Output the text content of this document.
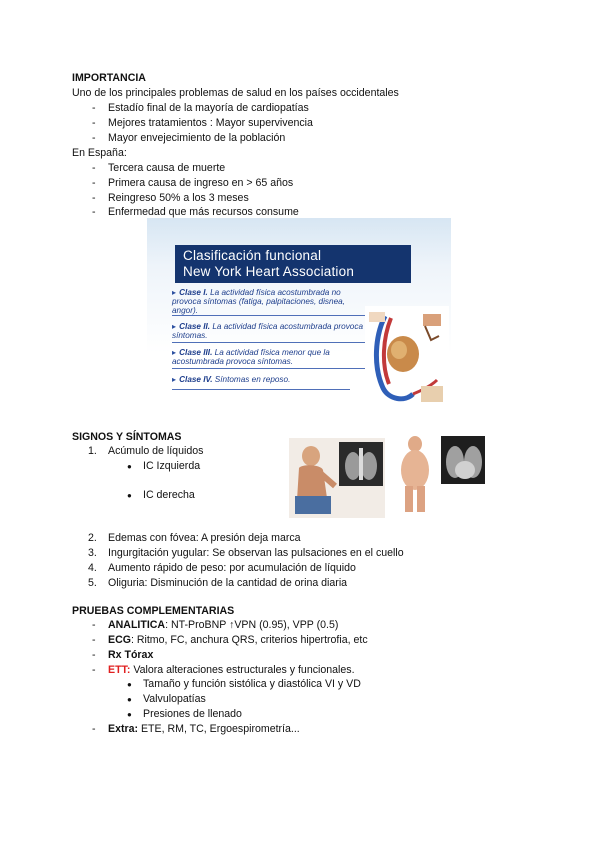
IMPORTANCIA
Uno de los principales problemas de salud en los países occidentales
- Estadío final de la mayoría de cardiopatías
- Mejores tratamientos : Mayor supervivencia
- Mayor envejecimiento de la población
En España:
- Tercera causa de muerte
- Primera causa de ingreso en > 65 años
- Reingreso 50% a los 3 meses
- Enfermedad que más recursos consume
Clasificación funcional
New York Heart Association
▸ Clase I. La actividad física acostumbrada no provoca síntomas (fatiga, palpitaciones, disnea, angor).
▸ Clase II. La actividad física acostumbrada provoca síntomas.
▸ Clase III. La actividad física menor que la acostumbrada provoca síntomas.
▸ Clase IV. Síntomas en reposo.
SIGNOS Y SÍNTOMAS
1. Acúmulo de líquidos
● IC Izquierda
● IC derecha
2. Edemas con fóvea: A presión deja marca
3. Ingurgitación yugular: Se observan las pulsaciones en el cuello
4. Aumento rápido de peso: por acumulación de líquido
5. Oliguria: Disminución de la cantidad de orina diaria
PRUEBAS COMPLEMENTARIAS
- ANALITICA: NT-ProBNP ↑VPN (0.95), VPP (0.5)
- ECG: Ritmo, FC, anchura QRS, criterios hipertrofia, etc
- Rx Tórax
- ETT: Valora alteraciones estructurales y funcionales.
● Tamaño y función sistólica y diastólica VI y VD
● Valvulopatías
● Presiones de llenado
- Extra: ETE, RM, TC, Ergoespirometría...
